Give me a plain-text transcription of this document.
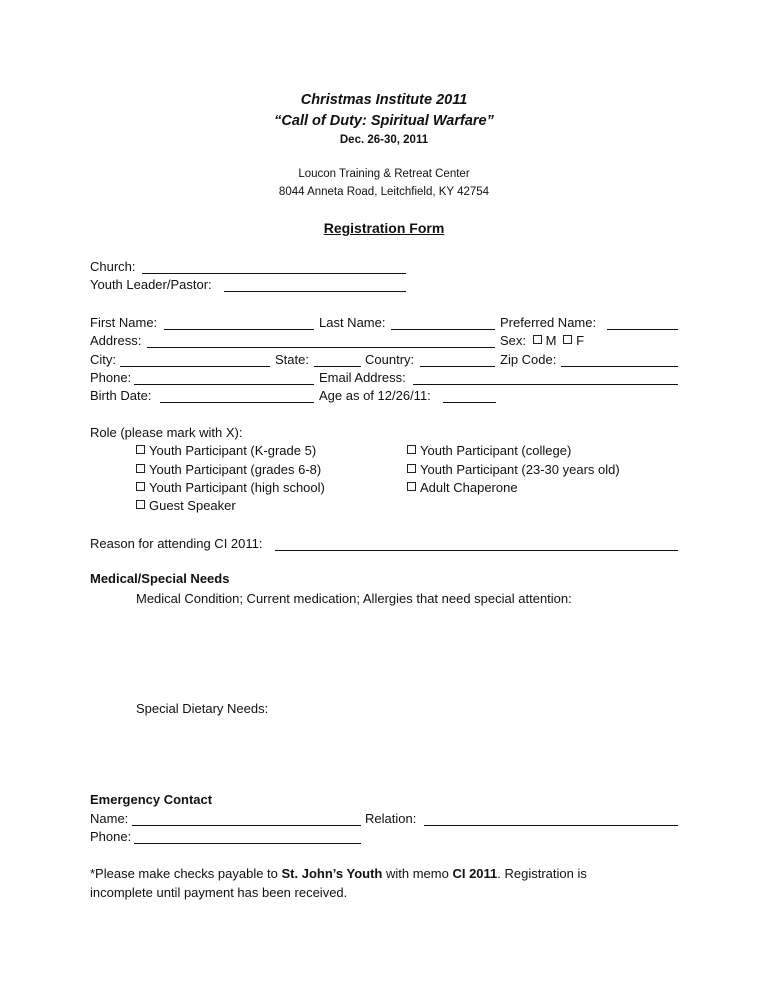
Christmas Institute 2011
“Call of Duty: Spiritual Warfare”
Dec. 26-30, 2011
Loucon Training & Retreat Center
8044 Anneta Road, Leitchfield, KY 42754
Registration Form
Church:
Youth Leader/Pastor:
First Name:	Last Name:	Preferred Name:
Address:	Sex: M F
City:	State:	Country:	Zip Code:
Phone:	Email Address:
Birth Date:	Age as of 12/26/11:
Role (please mark with X):
Youth Participant (K-grade 5)
Youth Participant (grades 6-8)
Youth Participant (high school)
Guest Speaker
Youth Participant (college)
Youth Participant (23-30 years old)
Adult Chaperone
Reason for attending CI 2011:
Medical/Special Needs
Medical Condition; Current medication; Allergies that need special attention:
Special Dietary Needs:
Emergency Contact
Name:	Relation:
Phone:
*Please make checks payable to St. John’s Youth with memo CI 2011. Registration is incomplete until payment has been received.
